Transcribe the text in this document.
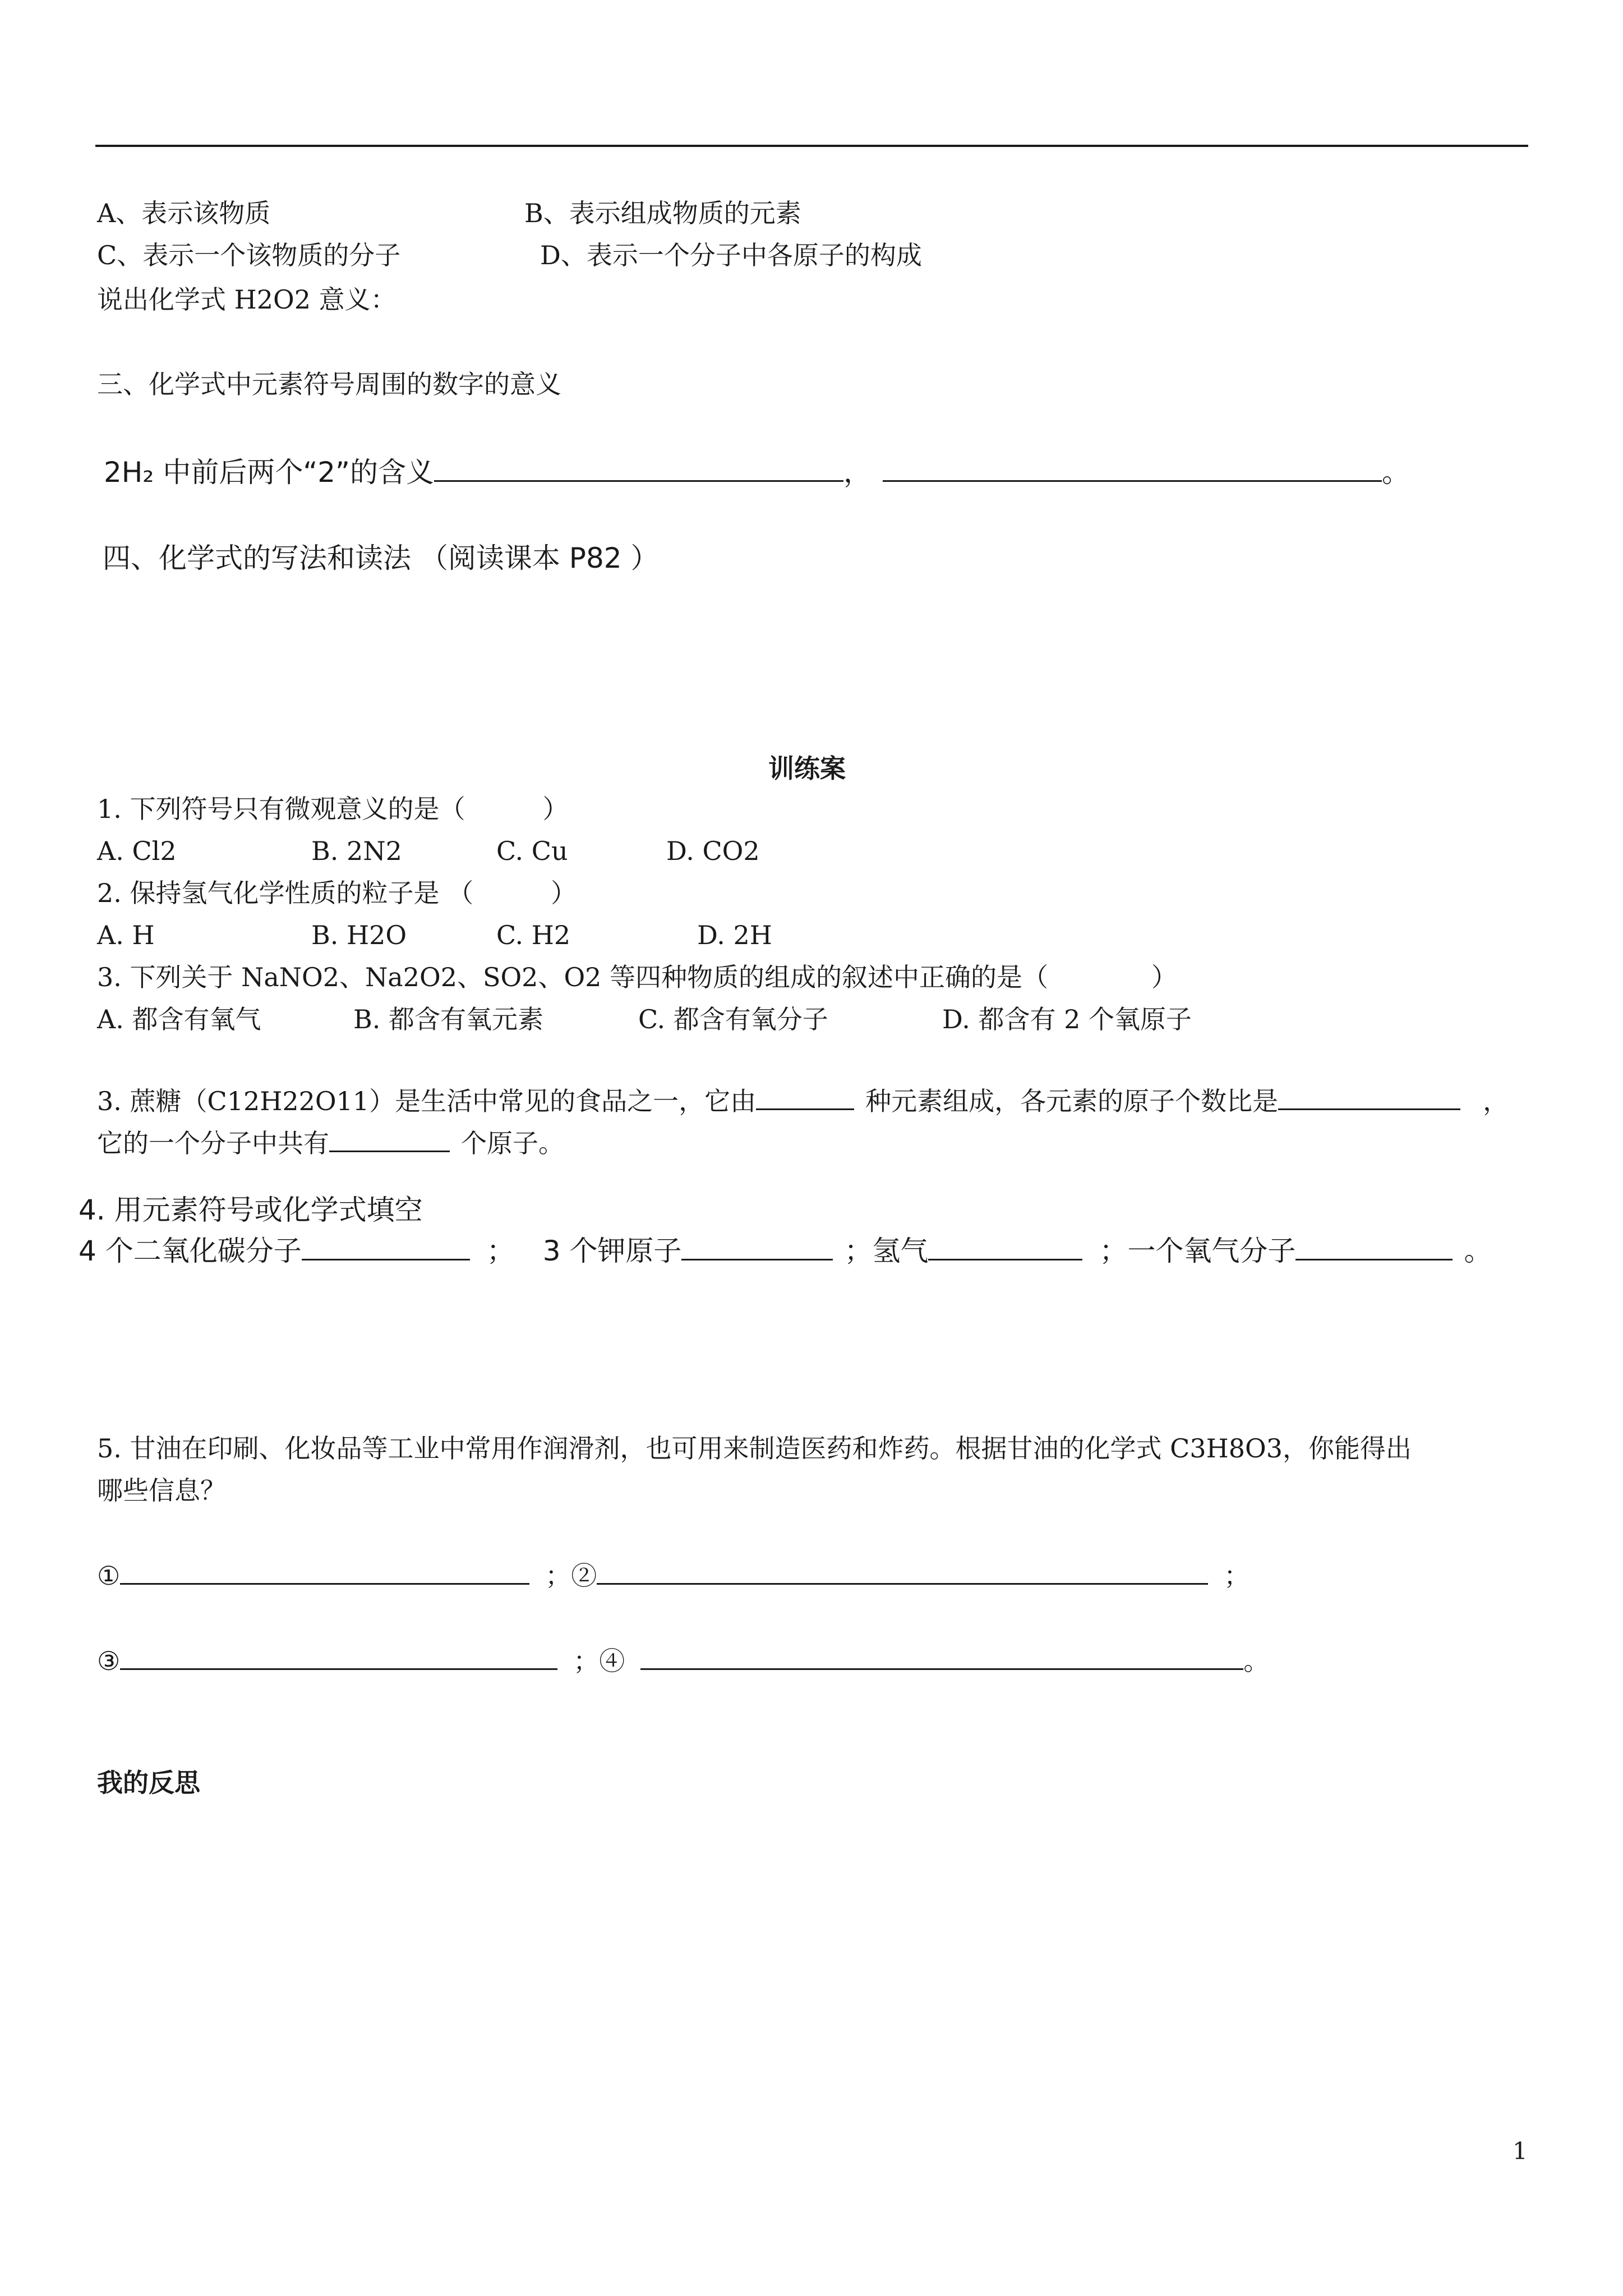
A、表示该物质	B、表示组成物质的元素
C、表示一个该物质的分子	D、表示一个分子中各原子的构成
说出化学式 H2O2 意义：
三、化学式中元素符号周围的数字的意义
2H₂ 中前后两个“2”的含义	，	。
四、化学式的写法和读法 （阅读课本 P82 ）
训练案
1. 下列符号只有微观意义的是（　　　）
A. Cl2	B. 2N2	C. Cu	D. CO2
2. 保持氢气化学性质的粒子是 （　　　）
A. H	B. H2O	C. H2	D. 2H
3. 下列关于 NaNO2、Na2O2、SO2、O2 等四种物质的组成的叙述中正确的是（　　　　）
A. 都含有氧气	B. 都含有氧元素	C. 都含有氧分子	D. 都含有 2 个氧原子
3. 蔗糖（C12H22O11）是生活中常见的食品之一，它由	种元素组成，各元素的原子个数比是	，
它的一个分子中共有	个原子。
4. 用元素符号或化学式填空
4 个二氧化碳分子	； 3 个钾原子	；氢气	；一个氧气分子	。
5. 甘油在印刷、化妆品等工业中常用作润滑剂，也可用来制造医药和炸药。根据甘油的化学式 C3H8O3，你能得出
哪些信息？
①	；②	；
③	；④	。
我的反思
1
